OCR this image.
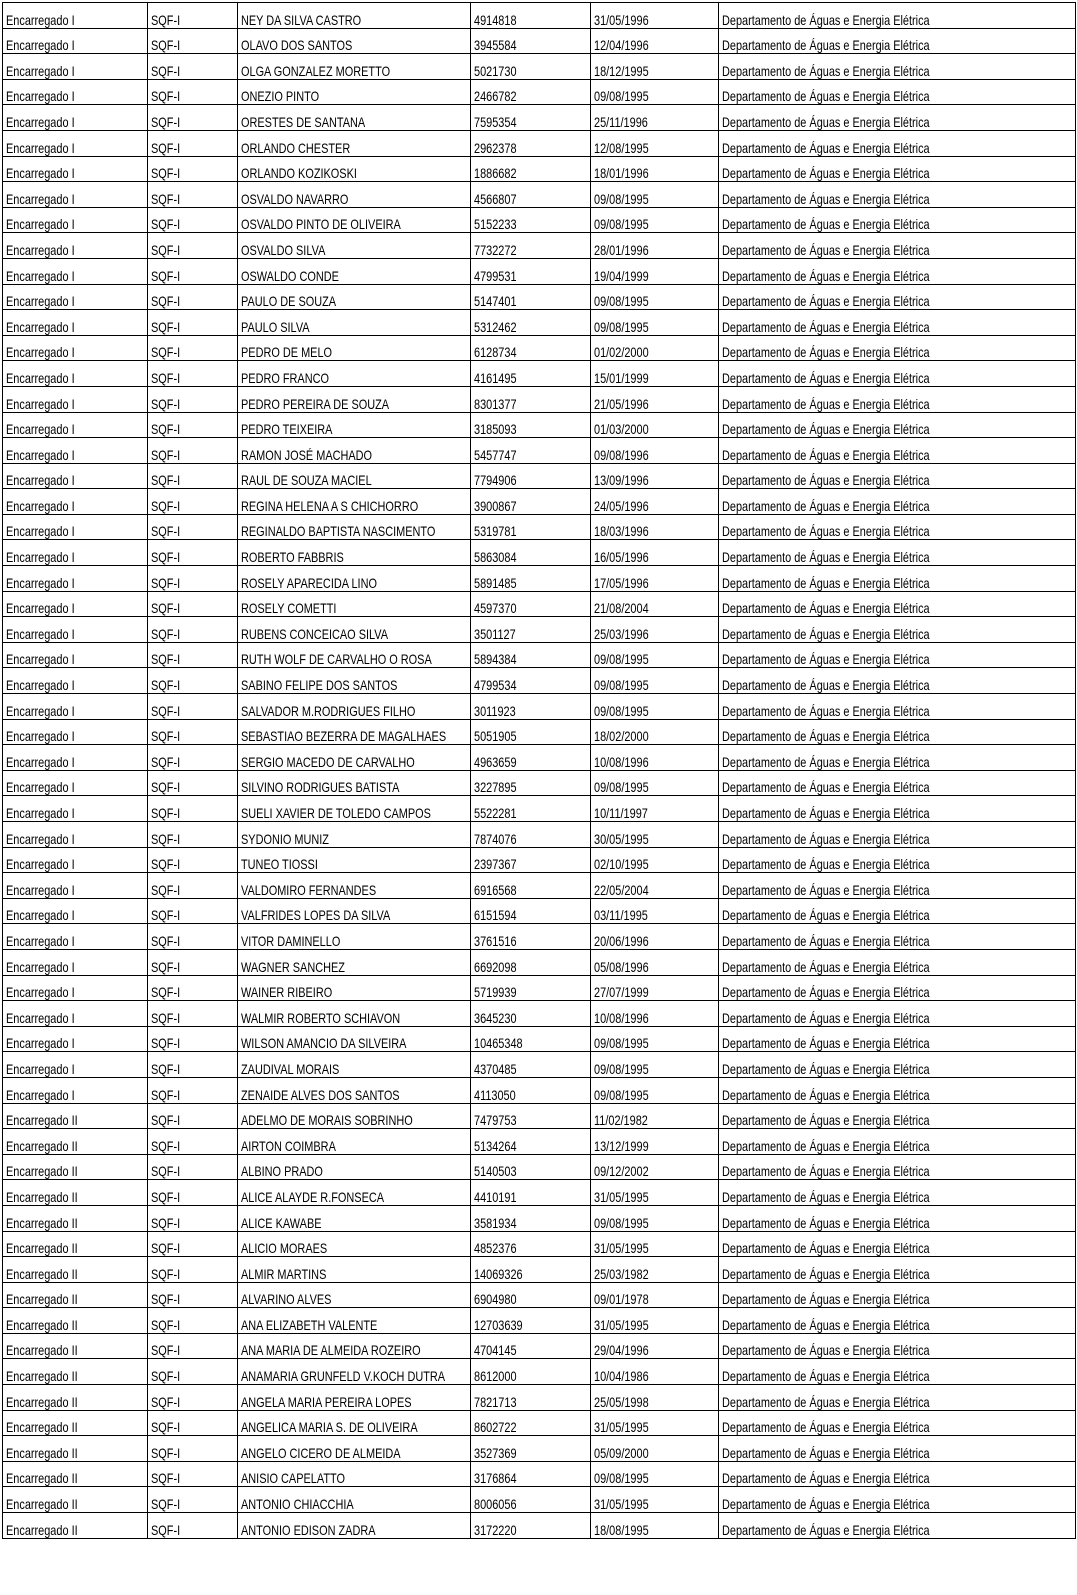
Encarregado I	SQF-I	NEY DA SILVA CASTRO	4914818	31/05/1996	Departamento de Águas e Energia Elétrica
Encarregado I	SQF-I	OLAVO DOS SANTOS	3945584	12/04/1996	Departamento de Águas e Energia Elétrica
Encarregado I	SQF-I	OLGA GONZALEZ MORETTO	5021730	18/12/1995	Departamento de Águas e Energia Elétrica
Encarregado I	SQF-I	ONEZIO PINTO	2466782	09/08/1995	Departamento de Águas e Energia Elétrica
Encarregado I	SQF-I	ORESTES DE SANTANA	7595354	25/11/1996	Departamento de Águas e Energia Elétrica
Encarregado I	SQF-I	ORLANDO CHESTER	2962378	12/08/1995	Departamento de Águas e Energia Elétrica
Encarregado I	SQF-I	ORLANDO KOZIKOSKI	1886682	18/01/1996	Departamento de Águas e Energia Elétrica
Encarregado I	SQF-I	OSVALDO NAVARRO	4566807	09/08/1995	Departamento de Águas e Energia Elétrica
Encarregado I	SQF-I	OSVALDO PINTO DE OLIVEIRA	5152233	09/08/1995	Departamento de Águas e Energia Elétrica
Encarregado I	SQF-I	OSVALDO SILVA	7732272	28/01/1996	Departamento de Águas e Energia Elétrica
Encarregado I	SQF-I	OSWALDO CONDE	4799531	19/04/1999	Departamento de Águas e Energia Elétrica
Encarregado I	SQF-I	PAULO DE SOUZA	5147401	09/08/1995	Departamento de Águas e Energia Elétrica
Encarregado I	SQF-I	PAULO SILVA	5312462	09/08/1995	Departamento de Águas e Energia Elétrica
Encarregado I	SQF-I	PEDRO DE MELO	6128734	01/02/2000	Departamento de Águas e Energia Elétrica
Encarregado I	SQF-I	PEDRO FRANCO	4161495	15/01/1999	Departamento de Águas e Energia Elétrica
Encarregado I	SQF-I	PEDRO PEREIRA DE SOUZA	8301377	21/05/1996	Departamento de Águas e Energia Elétrica
Encarregado I	SQF-I	PEDRO TEIXEIRA	3185093	01/03/2000	Departamento de Águas e Energia Elétrica
Encarregado I	SQF-I	RAMON JOSÉ MACHADO	5457747	09/08/1996	Departamento de Águas e Energia Elétrica
Encarregado I	SQF-I	RAUL DE SOUZA MACIEL	7794906	13/09/1996	Departamento de Águas e Energia Elétrica
Encarregado I	SQF-I	REGINA HELENA A S CHICHORRO	3900867	24/05/1996	Departamento de Águas e Energia Elétrica
Encarregado I	SQF-I	REGINALDO BAPTISTA NASCIMENTO	5319781	18/03/1996	Departamento de Águas e Energia Elétrica
Encarregado I	SQF-I	ROBERTO FABBRIS	5863084	16/05/1996	Departamento de Águas e Energia Elétrica
Encarregado I	SQF-I	ROSELY APARECIDA LINO	5891485	17/05/1996	Departamento de Águas e Energia Elétrica
Encarregado I	SQF-I	ROSELY COMETTI	4597370	21/08/2004	Departamento de Águas e Energia Elétrica
Encarregado I	SQF-I	RUBENS CONCEICAO SILVA	3501127	25/03/1996	Departamento de Águas e Energia Elétrica
Encarregado I	SQF-I	RUTH WOLF DE CARVALHO O ROSA	5894384	09/08/1995	Departamento de Águas e Energia Elétrica
Encarregado I	SQF-I	SABINO FELIPE DOS SANTOS	4799534	09/08/1995	Departamento de Águas e Energia Elétrica
Encarregado I	SQF-I	SALVADOR M.RODRIGUES FILHO	3011923	09/08/1995	Departamento de Águas e Energia Elétrica
Encarregado I	SQF-I	SEBASTIAO BEZERRA DE MAGALHAES	5051905	18/02/2000	Departamento de Águas e Energia Elétrica
Encarregado I	SQF-I	SERGIO MACEDO DE CARVALHO	4963659	10/08/1996	Departamento de Águas e Energia Elétrica
Encarregado I	SQF-I	SILVINO RODRIGUES BATISTA	3227895	09/08/1995	Departamento de Águas e Energia Elétrica
Encarregado I	SQF-I	SUELI XAVIER DE TOLEDO CAMPOS	5522281	10/11/1997	Departamento de Águas e Energia Elétrica
Encarregado I	SQF-I	SYDONIO MUNIZ	7874076	30/05/1995	Departamento de Águas e Energia Elétrica
Encarregado I	SQF-I	TUNEO TIOSSI	2397367	02/10/1995	Departamento de Águas e Energia Elétrica
Encarregado I	SQF-I	VALDOMIRO FERNANDES	6916568	22/05/2004	Departamento de Águas e Energia Elétrica
Encarregado I	SQF-I	VALFRIDES LOPES DA SILVA	6151594	03/11/1995	Departamento de Águas e Energia Elétrica
Encarregado I	SQF-I	VITOR DAMINELLO	3761516	20/06/1996	Departamento de Águas e Energia Elétrica
Encarregado I	SQF-I	WAGNER SANCHEZ	6692098	05/08/1996	Departamento de Águas e Energia Elétrica
Encarregado I	SQF-I	WAINER RIBEIRO	5719939	27/07/1999	Departamento de Águas e Energia Elétrica
Encarregado I	SQF-I	WALMIR ROBERTO SCHIAVON	3645230	10/08/1996	Departamento de Águas e Energia Elétrica
Encarregado I	SQF-I	WILSON AMANCIO DA SILVEIRA	10465348	09/08/1995	Departamento de Águas e Energia Elétrica
Encarregado I	SQF-I	ZAUDIVAL MORAIS	4370485	09/08/1995	Departamento de Águas e Energia Elétrica
Encarregado I	SQF-I	ZENAIDE ALVES DOS SANTOS	4113050	09/08/1995	Departamento de Águas e Energia Elétrica
Encarregado II	SQF-I	ADELMO DE MORAIS SOBRINHO	7479753	11/02/1982	Departamento de Águas e Energia Elétrica
Encarregado II	SQF-I	AIRTON COIMBRA	5134264	13/12/1999	Departamento de Águas e Energia Elétrica
Encarregado II	SQF-I	ALBINO PRADO	5140503	09/12/2002	Departamento de Águas e Energia Elétrica
Encarregado II	SQF-I	ALICE ALAYDE R.FONSECA	4410191	31/05/1995	Departamento de Águas e Energia Elétrica
Encarregado II	SQF-I	ALICE KAWABE	3581934	09/08/1995	Departamento de Águas e Energia Elétrica
Encarregado II	SQF-I	ALICIO MORAES	4852376	31/05/1995	Departamento de Águas e Energia Elétrica
Encarregado II	SQF-I	ALMIR MARTINS	14069326	25/03/1982	Departamento de Águas e Energia Elétrica
Encarregado II	SQF-I	ALVARINO ALVES	6904980	09/01/1978	Departamento de Águas e Energia Elétrica
Encarregado II	SQF-I	ANA ELIZABETH VALENTE	12703639	31/05/1995	Departamento de Águas e Energia Elétrica
Encarregado II	SQF-I	ANA MARIA DE ALMEIDA ROZEIRO	4704145	29/04/1996	Departamento de Águas e Energia Elétrica
Encarregado II	SQF-I	ANAMARIA GRUNFELD V.KOCH DUTRA	8612000	10/04/1986	Departamento de Águas e Energia Elétrica
Encarregado II	SQF-I	ANGELA MARIA PEREIRA LOPES	7821713	25/05/1998	Departamento de Águas e Energia Elétrica
Encarregado II	SQF-I	ANGELICA MARIA S. DE OLIVEIRA	8602722	31/05/1995	Departamento de Águas e Energia Elétrica
Encarregado II	SQF-I	ANGELO CICERO DE ALMEIDA	3527369	05/09/2000	Departamento de Águas e Energia Elétrica
Encarregado II	SQF-I	ANISIO CAPELATTO	3176864	09/08/1995	Departamento de Águas e Energia Elétrica
Encarregado II	SQF-I	ANTONIO CHIACCHIA	8006056	31/05/1995	Departamento de Águas e Energia Elétrica
Encarregado II	SQF-I	ANTONIO EDISON ZADRA	3172220	18/08/1995	Departamento de Águas e Energia Elétrica
